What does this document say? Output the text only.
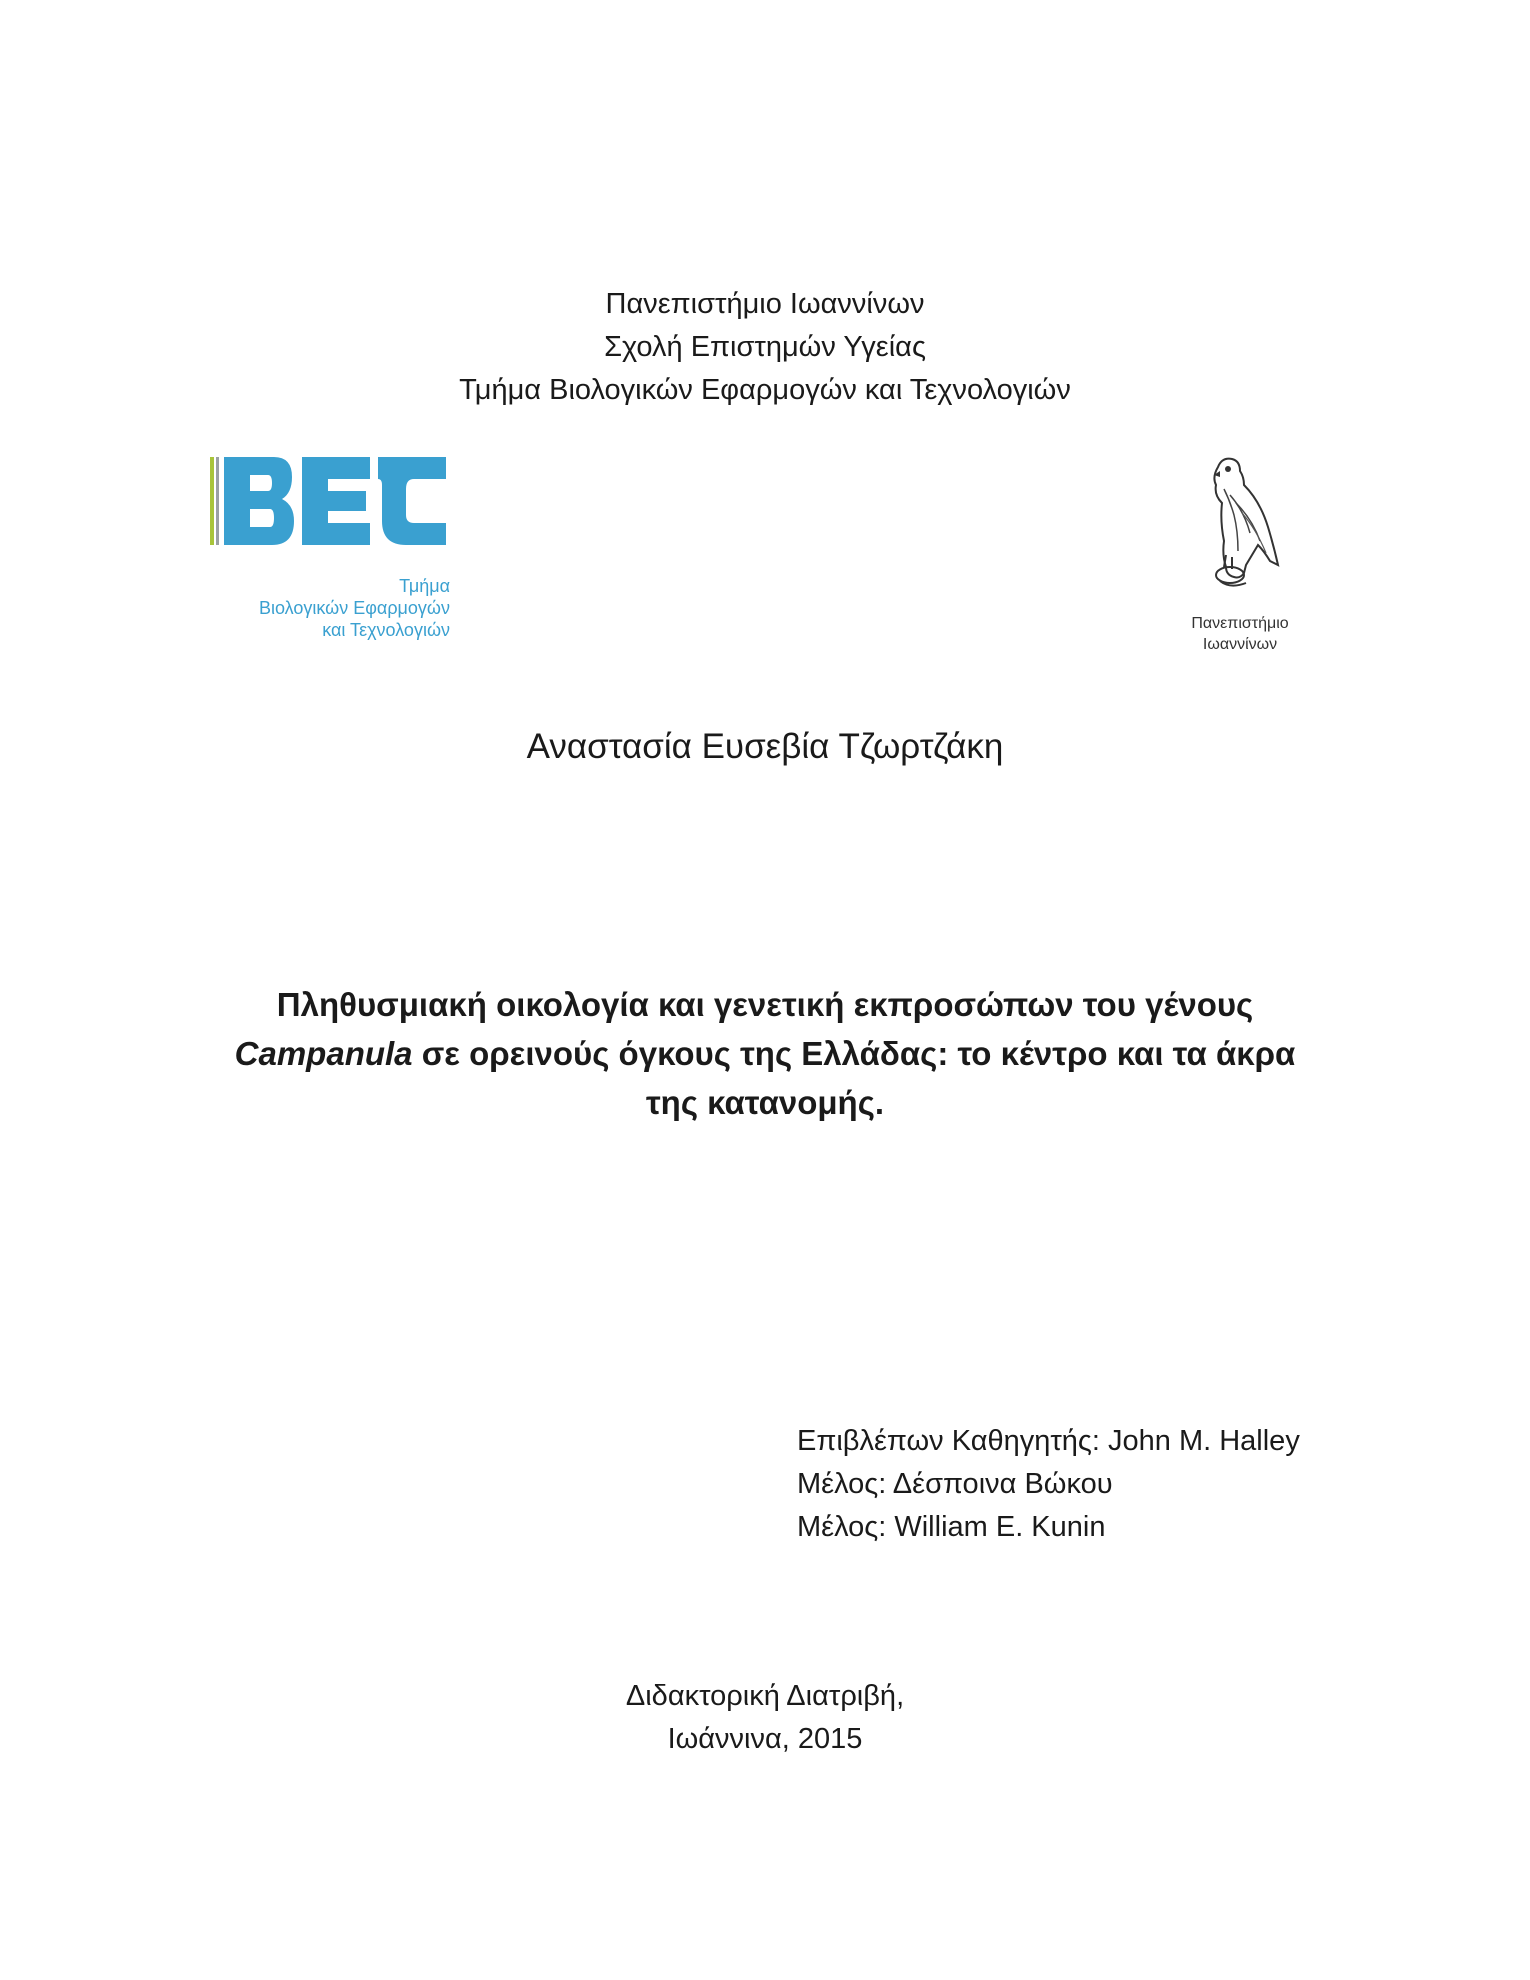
Πανεπιστήμιο Ιωαννίνων
Σχολή Επιστημών Υγείας
Τμήμα Βιολογικών Εφαρμογών και Τεχνολογιών
Τμήμα
Βιολογικών Εφαρμογών
και Τεχνολογιών	Πανεπιστήμιο
Ιωαννίνων
Αναστασία Ευσεβία Τζωρτζάκη
Πληθυσμιακή οικολογία και γενετική εκπροσώπων του γένους
Campanula σε ορεινούς όγκους της Ελλάδας: το κέντρο και τα άκρα
της κατανομής.
Επιβλέπων Καθηγητής: John M. Halley
Μέλος: Δέσποινα Βώκου
Μέλος: William E. Kunin
Διδακτορική Διατριβή,
Ιωάννινα, 2015
